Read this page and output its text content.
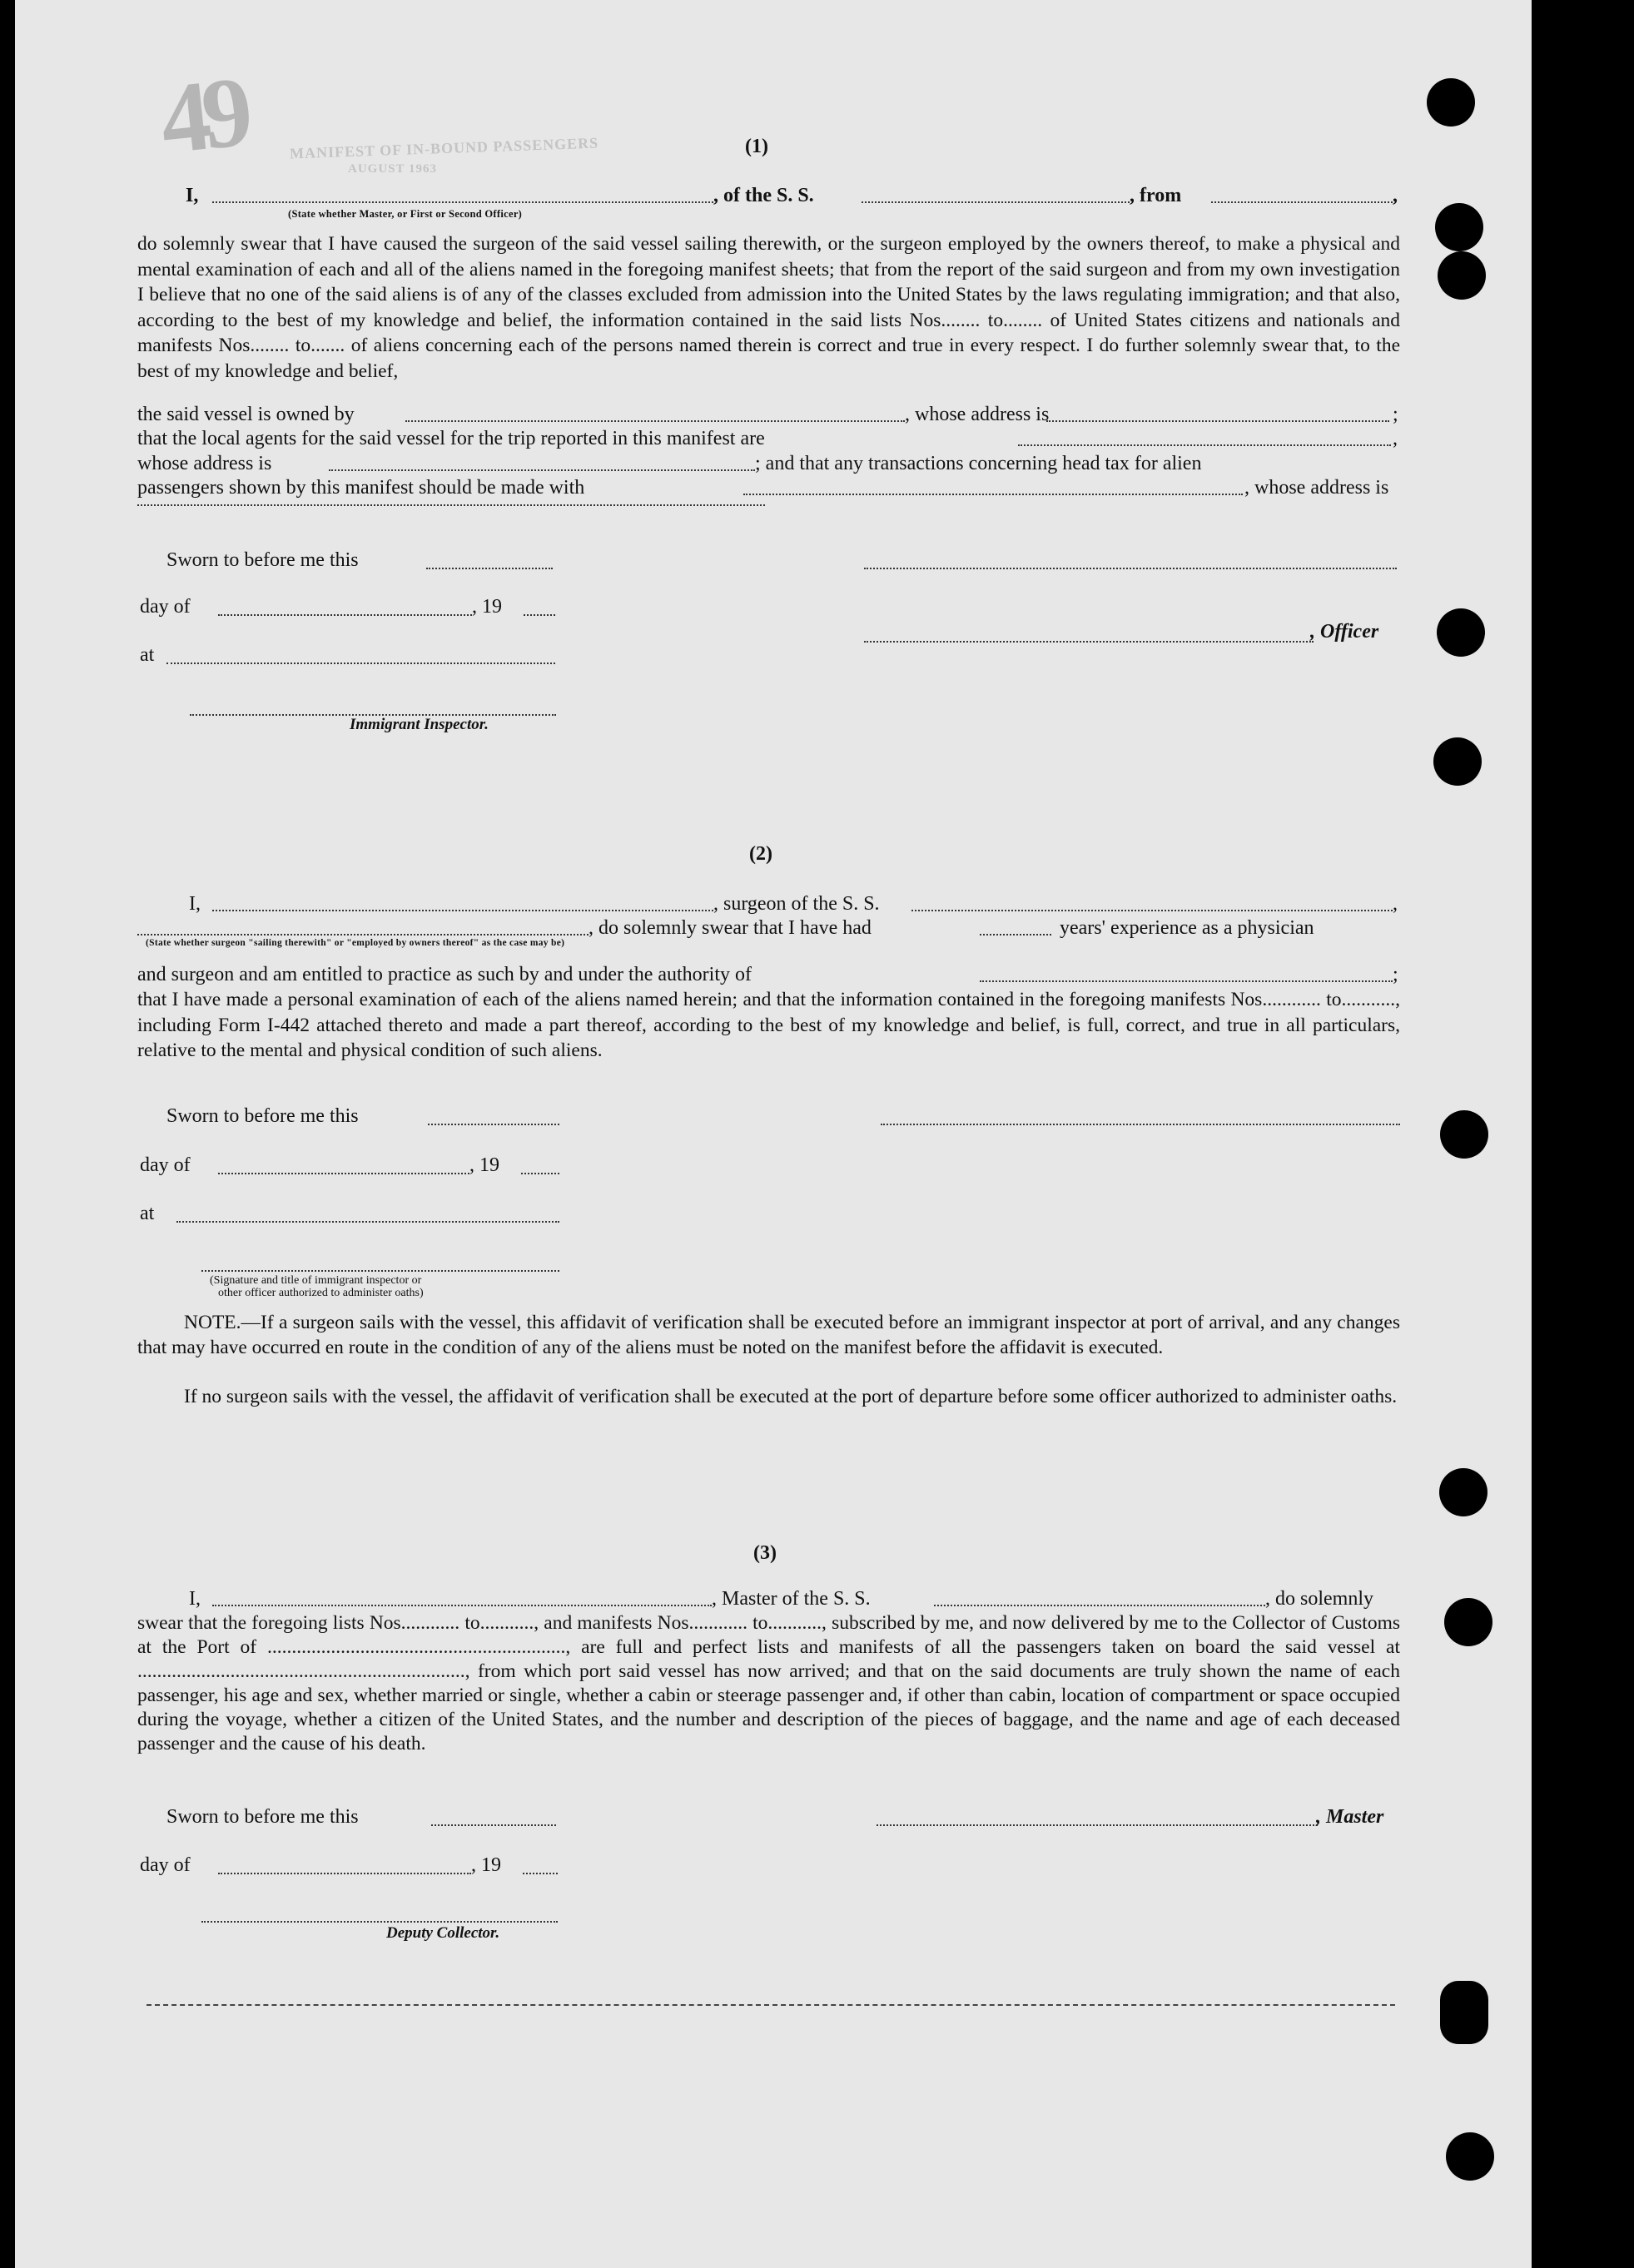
49	MANIFEST OF IN-BOUND PASSENGERS
AUGUST 1963
(1)
I,	, of the S. S.	, from	,
(State whether Master, or First or Second Officer)
do solemnly swear that I have caused the surgeon of the said vessel sailing therewith, or the surgeon employed by the owners thereof, to make a physical and mental examination of each and all of the aliens named in the foregoing manifest sheets; that from the report of the said surgeon and from my own investigation I believe that no one of the said aliens is of any of the classes excluded from admission into the United States by the laws regulating immigration; and that also, according to the best of my knowledge and belief, the information contained in the said lists Nos........ to........ of United States citizens and nationals and manifests Nos........ to....... of aliens concerning each of the persons named therein is correct and true in every respect. I do further solemnly swear that, to the best of my knowledge and belief,
the said vessel is owned by	, whose address is	;
that the local agents for the said vessel for the trip reported in this manifest are	,
whose address is	; and that any transactions concerning head tax for alien
passengers shown by this manifest should be made with	, whose address is
Sworn to before me this
day of	, 19
, Officer
at
Immigrant Inspector.
(2)
I,	, surgeon of the S. S.	,
, do solemnly swear that I have had	years' experience as a physician
(State whether surgeon "sailing therewith" or "employed by owners thereof" as the case may be)
and surgeon and am entitled to practice as such by and under the authority of	;
that I have made a personal examination of each of the aliens named herein; and that the information contained in the foregoing manifests Nos............ to..........., including Form I-442 attached thereto and made a part thereof, according to the best of my knowledge and belief, is full, correct, and true in all particulars, relative to the mental and physical condition of such aliens.
Sworn to before me this
day of	, 19
at
(Signature and title of immigrant inspector or
other officer authorized to administer oaths)
NOTE.—If a surgeon sails with the vessel, this affidavit of verification shall be executed before an immigrant inspector at port of arrival, and any changes that may have occurred en route in the condition of any of the aliens must be noted on the manifest before the affidavit is executed.
If no surgeon sails with the vessel, the affidavit of verification shall be executed at the port of departure before some officer authorized to administer oaths.
(3)
I,	, Master of the S. S.	, do solemnly
swear that the foregoing lists Nos............ to..........., and manifests Nos............ to..........., subscribed by me, and now delivered by me to the Collector of Customs at the Port of ............................................................., are full and perfect lists and manifests of all the passengers taken on board the said vessel at ..................................................................., from which port said vessel has now arrived; and that on the said documents are truly shown the name of each passenger, his age and sex, whether married or single, whether a cabin or steerage passenger and, if other than cabin, location of compartment or space occupied during the voyage, whether a citizen of the United States, and the number and description of the pieces of baggage, and the name and age of each deceased passenger and the cause of his death.
Sworn to before me this	, Master
day of	, 19
Deputy Collector.
